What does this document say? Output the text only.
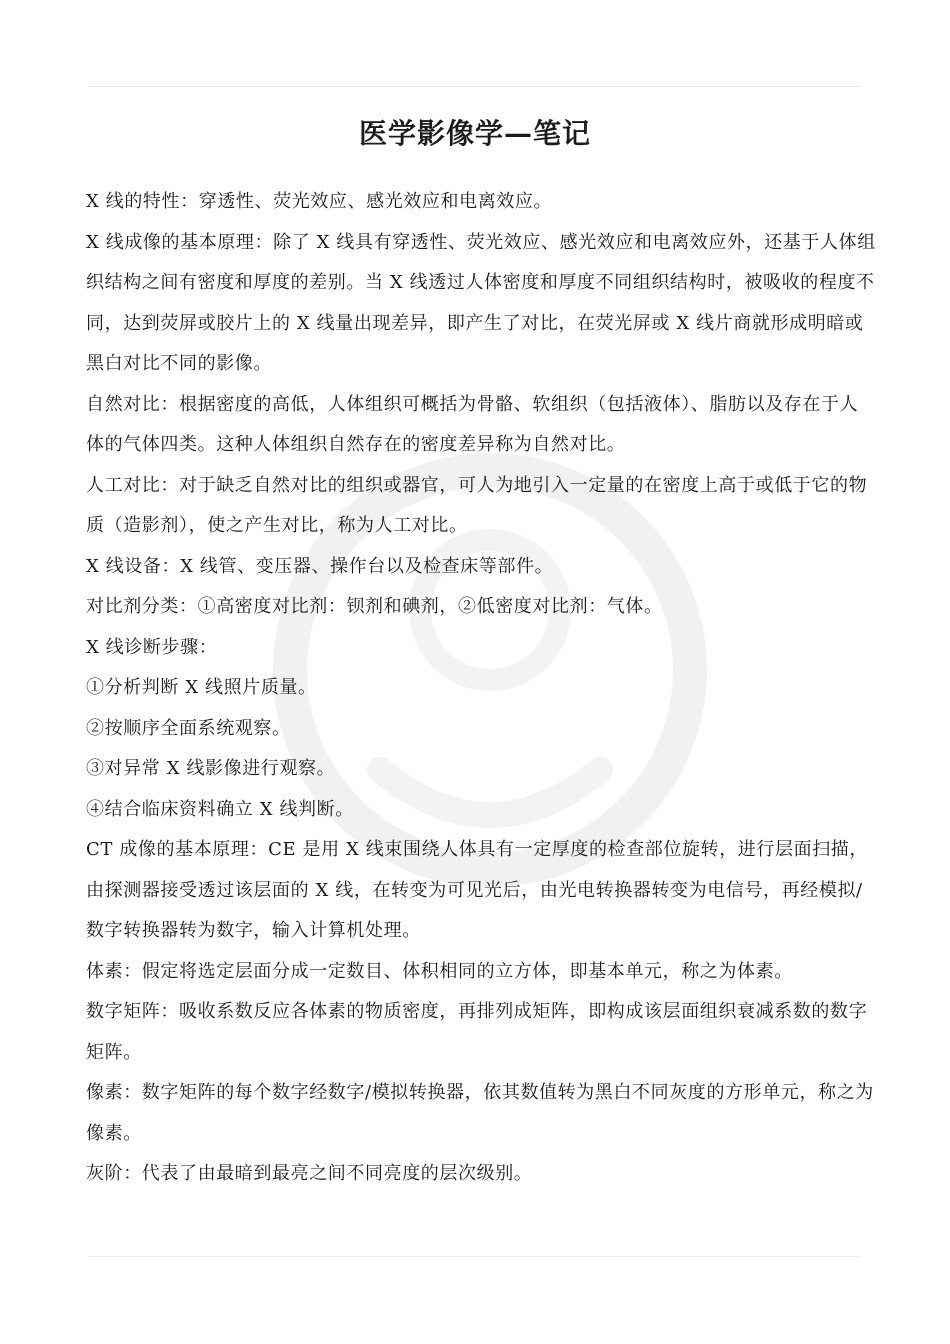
医学影像学—笔记

X 线的特性：穿透性、荧光效应、感光效应和电离效应。

X 线成像的基本原理：除了 X 线具有穿透性、荧光效应、感光效应和电离效应外，还基于人体组织结构之间有密度和厚度的差别。当 X 线透过人体密度和厚度不同组织结构时，被吸收的程度不同，达到荧屏或胶片上的 X 线量出现差异，即产生了对比，在荧光屏或 X 线片商就形成明暗或黑白对比不同的影像。

自然对比：根据密度的高低，人体组织可概括为骨骼、软组织（包括液体）、脂肪以及存在于人体的气体四类。这种人体组织自然存在的密度差异称为自然对比。

人工对比：对于缺乏自然对比的组织或器官，可人为地引入一定量的在密度上高于或低于它的物质（造影剂），使之产生对比，称为人工对比。

X 线设备：X 线管、变压器、操作台以及检查床等部件。

对比剂分类：①高密度对比剂：钡剂和碘剂，②低密度对比剂：气体。

X 线诊断步骤：

①分析判断 X 线照片质量。

②按顺序全面系统观察。

③对异常 X 线影像进行观察。

④结合临床资料确立 X 线判断。

CT 成像的基本原理：CE 是用 X 线束围绕人体具有一定厚度的检查部位旋转，进行层面扫描，由探测器接受透过该层面的 X 线，在转变为可见光后，由光电转换器转变为电信号，再经模拟/数字转换器转为数字，输入计算机处理。

体素：假定将选定层面分成一定数目、体积相同的立方体，即基本单元，称之为体素。

数字矩阵：吸收系数反应各体素的物质密度，再排列成矩阵，即构成该层面组织衰减系数的数字矩阵。

像素：数字矩阵的每个数字经数字/模拟转换器，依其数值转为黑白不同灰度的方形单元，称之为像素。

灰阶：代表了由最暗到最亮之间不同亮度的层次级别。
